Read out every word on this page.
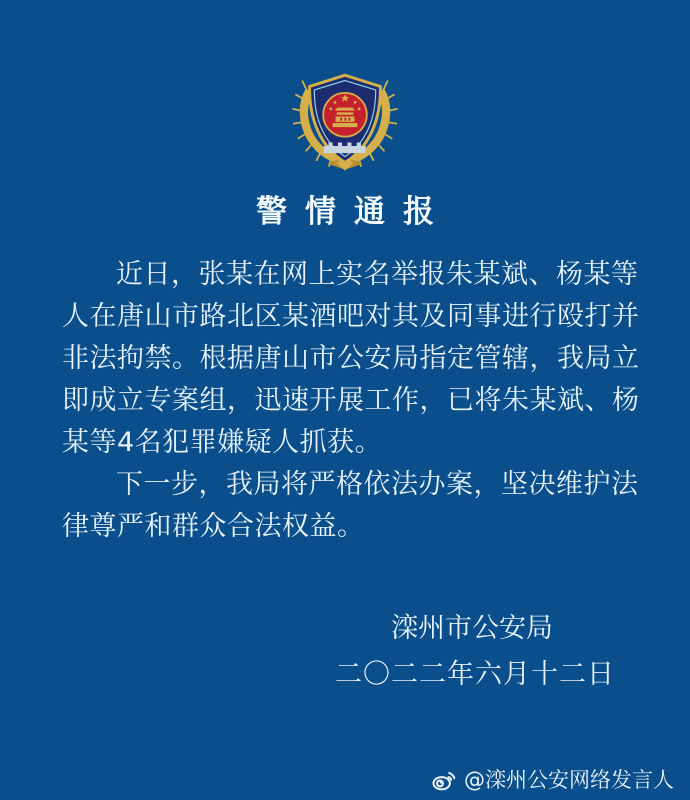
警情通报
近日，张某在网上实名举报朱某斌、杨某等
人在唐山市路北区某酒吧对其及同事进行殴打并
非法拘禁。根据唐山市公安局指定管辖，我局立
即成立专案组，迅速开展工作，已将朱某斌、杨
某等4名犯罪嫌疑人抓获。
下一步，我局将严格依法办案，坚决维护法
律尊严和群众合法权益。
滦州市公安局
二〇二二年六月十二日
@滦州公安网络发言人
